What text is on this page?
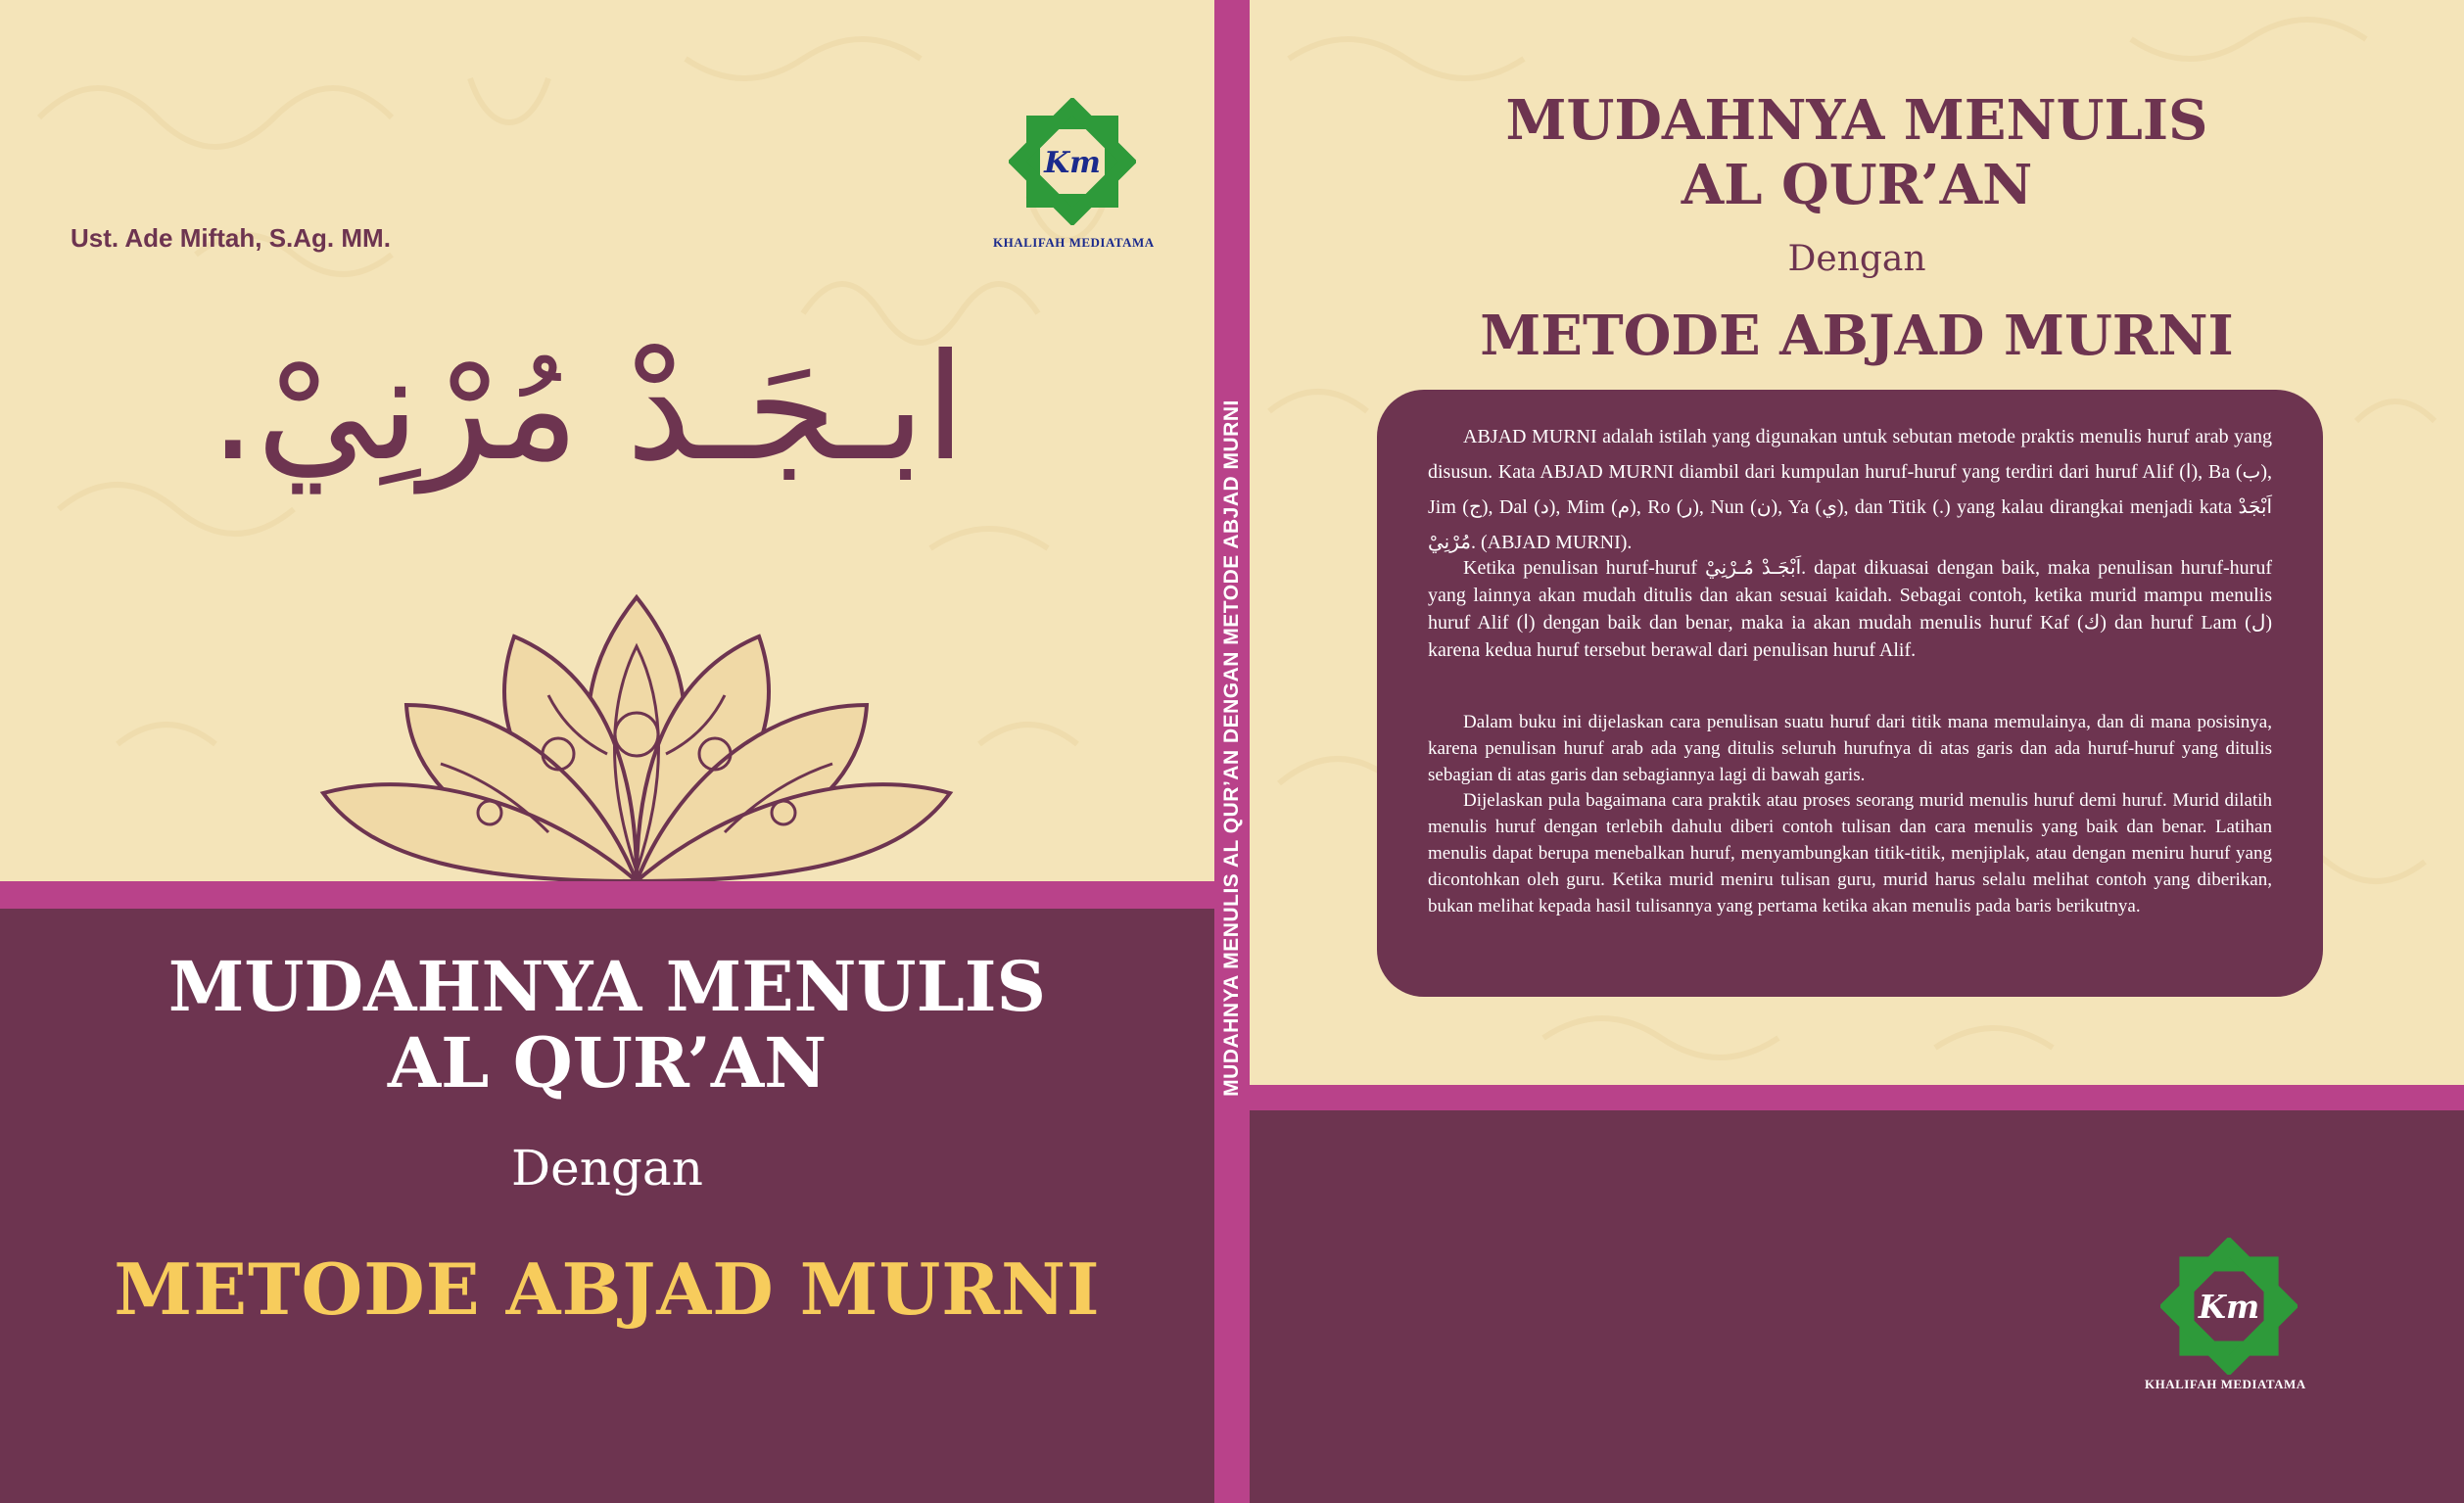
Ust. Ade Miftah, S.Ag. MM.
Km
KHALIFAH MEDIATAMA
ابـجَـدْ مُرْنِيْ.
MUDAHNYA MENULIS
AL QUR’AN
Dengan
METODE ABJAD MURNI
MUDAHNYA MENULIS AL QUR’AN DENGAN METODE ABJAD MURNI
MUDAHNYA MENULIS
AL QUR’AN
Dengan
METODE ABJAD MURNI

ABJAD MURNI adalah istilah yang digunakan untuk sebutan metode praktis menulis huruf arab yang disusun. Kata ABJAD MURNI diambil dari kumpulan huruf-huruf yang terdiri dari huruf Alif (ا), Ba (ب), Jim (ج), Dal (د), Mim (م), Ro (ر), Nun (ن), Ya (ي), dan Titik (.) yang kalau dirangkai menjadi kata اَبْجَدْ مُرْنِيْ. (ABJAD MURNI).

Ketika penulisan huruf-huruf اَبْجَـدْ مُـرْنِيْ. dapat dikuasai dengan baik, maka penulisan huruf-huruf yang lainnya akan mudah ditulis dan akan sesuai kaidah. Sebagai contoh, ketika murid mampu menulis huruf Alif (ا) dengan baik dan benar, maka ia akan mudah menulis huruf Kaf (ك) dan huruf Lam (ل) karena kedua huruf tersebut berawal dari penulisan huruf Alif.

Dalam buku ini dijelaskan cara penulisan suatu huruf dari titik mana memulainya, dan di mana posisinya, karena penulisan huruf arab ada yang ditulis seluruh hurufnya di atas garis dan ada huruf-huruf yang ditulis sebagian di atas garis dan sebagiannya lagi di bawah garis.

Dijelaskan pula bagaimana cara praktik atau proses seorang murid menulis huruf demi huruf. Murid dilatih menulis huruf dengan terlebih dahulu diberi contoh tulisan dan cara menulis yang baik dan benar. Latihan menulis dapat berupa menebalkan huruf, menyambungkan titik-titik, menjiplak, atau dengan meniru huruf yang dicontohkan oleh guru. Ketika murid meniru tulisan guru, murid harus selalu melihat contoh yang diberikan, bukan melihat kepada hasil tulisannya yang pertama ketika akan menulis pada baris berikutnya.

Km
KHALIFAH MEDIATAMA
